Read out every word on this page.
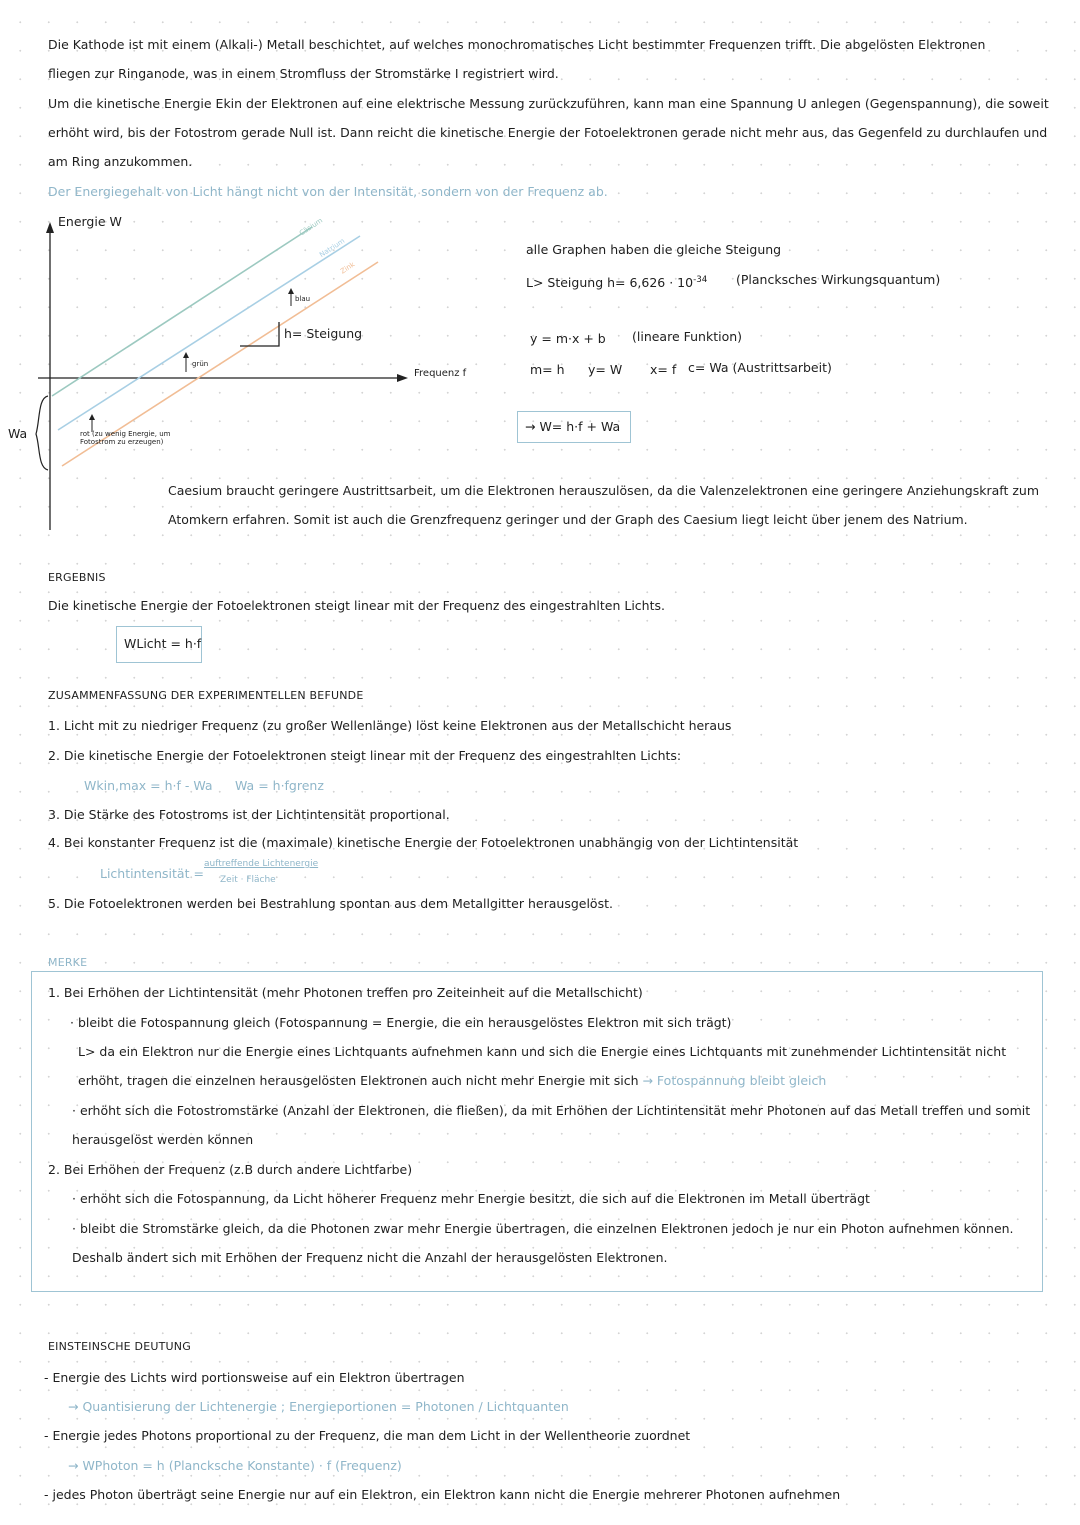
Die Kathode ist mit einem (Alkali-) Metall beschichtet, auf welches monochromatisches Licht bestimmter Frequenzen trifft. Die abgelösten Elektronen fliegen zur Ringanode, was in einem Stromfluss der Stromstärke I registriert wird.
Um die kinetische Energie Ekin der Elektronen auf eine elektrische Messung zurückzuführen, kann man eine Spannung U anlegen (Gegenspannung), die soweit erhöht wird, bis der Fotostrom gerade Null ist. Dann reicht die kinetische Energie der Fotoelektronen gerade nicht mehr aus, das Gegenfeld zu durchlaufen und am Ring anzukommen.
Der Energiegehalt von Licht hängt nicht von der Intensität, sondern von der Frequenz ab.
Energie W
Frequenz f
Cäsium
Natrium
Zink
blau
grün
h= Steigung
rot (zu wenig Energie, um Fotostrom zu erzeugen)
Wa
alle Graphen haben die gleiche Steigung
L> Steigung $h= 6,626 \cdot 10^{-34}$ (Plancksches Wirkungsquantum)
y = m·x + b (lineare Funktion)
m= h y= W x= f c= Wa (Austrittsarbeit)
→ W= h·f + Wa
Caesium braucht geringere Austrittsarbeit, um die Elektronen herauszulösen, da die Valenzelektronen eine geringere Anziehungskraft zum Atomkern erfahren. Somit ist auch die Grenzfrequenz geringer und der Graph des Caesium liegt leicht über jenem des Natrium.
ERGEBNIS
Die kinetische Energie der Fotoelektronen steigt linear mit der Frequenz des eingestrahlten Lichts.
WLicht = h·f
ZUSAMMENFASSUNG DER EXPERIMENTELLEN BEFUNDE
1. Licht mit zu niedriger Frequenz (zu großer Wellenlänge) löst keine Elektronen aus der Metallschicht heraus
2. Die kinetische Energie der Fotoelektronen steigt linear mit der Frequenz des eingestrahlten Lichts:
Wkin,max = h·f - Wa Wa = h·fgrenz
3. Die Stärke des Fotostroms ist der Lichtintensität proportional.
4. Bei konstanter Frequenz ist die (maximale) kinetische Energie der Fotoelektronen unabhängig von der Lichtintensität
Lichtintensität =
auftreffende Lichtenergie
Zeit · Fläche
5. Die Fotoelektronen werden bei Bestrahlung spontan aus dem Metallgitter herausgelöst.
MERKE
1. Bei Erhöhen der Lichtintensität (mehr Photonen treffen pro Zeiteinheit auf die Metallschicht)
· bleibt die Fotospannung gleich (Fotospannung = Energie, die ein herausgelöstes Elektron mit sich trägt)
L> da ein Elektron nur die Energie eines Lichtquants aufnehmen kann und sich die Energie eines Lichtquants mit zunehmender Lichtintensität nicht erhöht, tragen die einzelnen herausgelösten Elektronen auch nicht mehr Energie mit sich → Fotospannung bleibt gleich
· erhöht sich die Fotostromstärke (Anzahl der Elektronen, die fließen), da mit Erhöhen der Lichtintensität mehr Photonen auf das Metall treffen und somit herausgelöst werden können
2. Bei Erhöhen der Frequenz (z.B durch andere Lichtfarbe)
· erhöht sich die Fotospannung, da Licht höherer Frequenz mehr Energie besitzt, die sich auf die Elektronen im Metall überträgt
· bleibt die Stromstärke gleich, da die Photonen zwar mehr Energie übertragen, die einzelnen Elektronen jedoch je nur ein Photon aufnehmen können. Deshalb ändert sich mit Erhöhen der Frequenz nicht die Anzahl der herausgelösten Elektronen.
EINSTEINSCHE DEUTUNG
- Energie des Lichts wird portionsweise auf ein Elektron übertragen
→ Quantisierung der Lichtenergie ; Energieportionen = Photonen / Lichtquanten
- Energie jedes Photons proportional zu der Frequenz, die man dem Licht in der Wellentheorie zuordnet
→ WPhoton = h (Plancksche Konstante) · f (Frequenz)
- jedes Photon überträgt seine Energie nur auf ein Elektron, ein Elektron kann nicht die Energie mehrerer Photonen aufnehmen
